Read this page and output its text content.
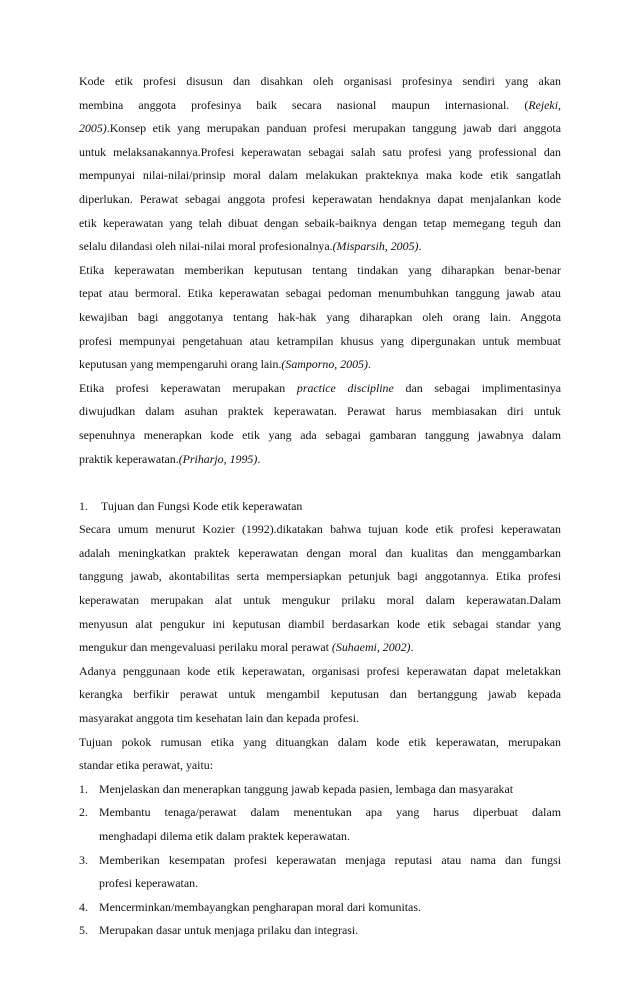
Kode etik profesi disusun dan disahkan oleh organisasi profesinya sendiri yang akan
membina anggota profesinya baik secara nasional maupun internasional. (Rejeki,
2005).Konsep etik yang merupakan panduan profesi merupakan tanggung jawab dari anggota
untuk melaksanakannya.Profesi keperawatan sebagai salah satu profesi yang professional dan
mempunyai nilai-nilai/prinsip moral dalam melakukan prakteknya maka kode etik sangatlah
diperlukan. Perawat sebagai anggota profesi keperawatan hendaknya dapat menjalankan kode
etik keperawatan yang telah dibuat dengan sebaik-baiknya dengan tetap memegang teguh dan
selalu dilandasi oleh nilai-nilai moral profesionalnya.(Misparsih, 2005).
Etika keperawatan memberikan keputusan tentang tindakan yang diharapkan benar-benar
tepat atau bermoral. Etika keperawatan sebagai pedoman menumbuhkan tanggung jawab atau
kewajiban bagi anggotanya tentang hak-hak yang diharapkan oleh orang lain. Anggota
profesi mempunyai pengetahuan atau ketrampilan khusus yang dipergunakan untuk membuat
keputusan yang mempengaruhi orang lain.(Samporno, 2005).
Etika profesi keperawatan merupakan practice discipline dan sebagai implimentasinya
diwujudkan dalam asuhan praktek keperawatan. Perawat harus membiasakan diri untuk
sepenuhnya menerapkan kode etik yang ada sebagai gambaran tanggung jawabnya dalam
praktik keperawatan.(Priharjo, 1995).
1. Tujuan dan Fungsi Kode etik keperawatan
Secara umum menurut Kozier (1992).dikatakan bahwa tujuan kode etik profesi keperawatan
adalah meningkatkan praktek keperawatan dengan moral dan kualitas dan menggambarkan
tanggung jawab, akontabilitas serta mempersiapkan petunjuk bagi anggotannya. Etika profesi
keperawatan merupakan alat untuk mengukur prilaku moral dalam keperawatan.Dalam
menyusun alat pengukur ini keputusan diambil berdasarkan kode etik sebagai standar yang
mengukur dan mengevaluasi perilaku moral perawat (Suhaemi, 2002).
Adanya penggunaan kode etik keperawatan, organisasi profesi keperawatan dapat meletakkan
kerangka berfikir perawat untuk mengambil keputusan dan bertanggung jawab kepada
masyarakat anggota tim kesehatan lain dan kepada profesi.
Tujuan pokok rumusan etika yang dituangkan dalam kode etik keperawatan, merupakan
standar etika perawat, yaitu:
1. Menjelaskan dan menerapkan tanggung jawab kepada pasien, lembaga dan masyarakat
2. Membantu tenaga/perawat dalam menentukan apa yang harus diperbuat dalam
menghadapi dilema etik dalam praktek keperawatan.
3. Memberikan kesempatan profesi keperawatan menjaga reputasi atau nama dan fungsi
profesi keperawatan.
4. Mencerminkan/membayangkan pengharapan moral dari komunitas.
5. Merupakan dasar untuk menjaga prilaku dan integrasi.
